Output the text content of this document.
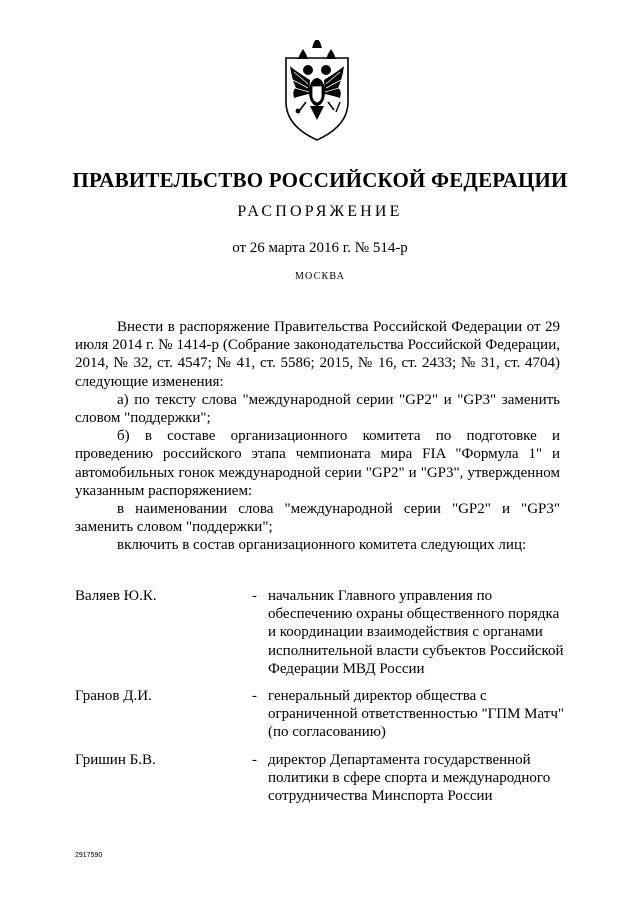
ПРАВИТЕЛЬСТВО РОССИЙСКОЙ ФЕДЕРАЦИИ
РАСПОРЯЖЕНИЕ
от 26 марта 2016 г. № 514-р
МОСКВА

Внести в распоряжение Правительства Российской Федерации от 29 июля 2014 г. № 1414-р (Собрание законодательства Российской Федерации, 2014, № 32, ст. 4547; № 41, ст. 5586; 2015, № 16, ст. 2433; № 31, ст. 4704) следующие изменения:

а) по тексту слова "международной серии "GP2" и "GP3" заменить словом "поддержки";

б) в составе организационного комитета по подготовке и проведению российского этапа чемпионата мира FIA "Формула 1" и автомобильных гонок международной серии "GP2" и "GP3", утвержденном указанным распоряжением:

в наименовании слова "международной серии "GP2" и "GP3" заменить словом "поддержки";

включить в состав организационного комитета следующих лиц:

Валяев Ю.К.	- начальник Главного управления по обеспечению охраны общественного порядка и координации взаимодействия с органами исполнительной власти субъектов Российской Федерации МВД России
Гранов Д.И.	- генеральный директор общества с ограниченной ответственностью "ГПМ Матч" (по согласованию)
Гришин Б.В.	- директор Департамента государственной политики в сфере спорта и международного сотрудничества Минспорта России
2917590
